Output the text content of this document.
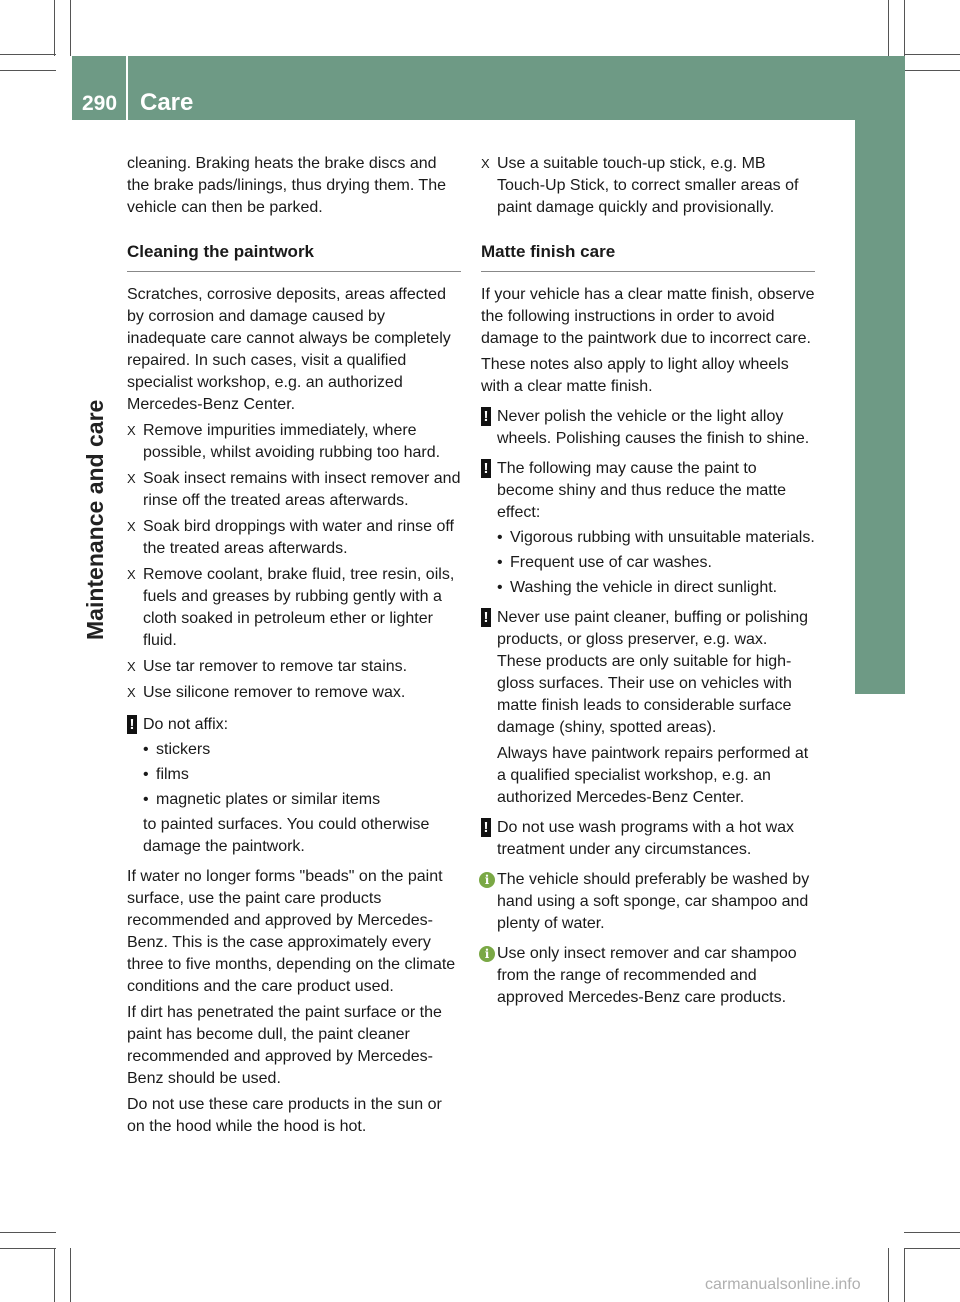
290 Care
Maintenance and care

cleaning. Braking heats the brake discs and the brake pads/linings, thus drying them. The vehicle can then be parked.

Cleaning the paintwork

Scratches, corrosive deposits, areas affected by corrosion and damage caused by inadequate care cannot always be completely repaired. In such cases, visit a qualified specialist workshop, e.g. an authorized Mercedes-Benz Center.

X Remove impurities immediately, where possible, whilst avoiding rubbing too hard.
X Soak insect remains with insect remover and rinse off the treated areas afterwards.
X Soak bird droppings with water and rinse off the treated areas afterwards.
X Remove coolant, brake fluid, tree resin, oils, fuels and greases by rubbing gently with a cloth soaked in petroleum ether or lighter fluid.
X Use tar remover to remove tar stains.
X Use silicone remover to remove wax.
! Do not affix:
• stickers
• films
• magnetic plates or similar items
to painted surfaces. You could otherwise damage the paintwork.

If water no longer forms "beads" on the paint surface, use the paint care products recommended and approved by Mercedes-Benz. This is the case approximately every three to five months, depending on the climate conditions and the care product used.

If dirt has penetrated the paint surface or the paint has become dull, the paint cleaner recommended and approved by Mercedes-Benz should be used.

Do not use these care products in the sun or on the hood while the hood is hot.

X Use a suitable touch-up stick, e.g. MB Touch-Up Stick, to correct smaller areas of paint damage quickly and provisionally.
Matte finish care

If your vehicle has a clear matte finish, observe the following instructions in order to avoid damage to the paintwork due to incorrect care.

These notes also apply to light alloy wheels with a clear matte finish.

! Never polish the vehicle or the light alloy wheels. Polishing causes the finish to shine.
! The following may cause the paint to become shiny and thus reduce the matte effect:
• Vigorous rubbing with unsuitable materials.
• Frequent use of car washes.
• Washing the vehicle in direct sunlight.
! Never use paint cleaner, buffing or polishing products, or gloss preserver, e.g. wax. These products are only suitable for high-gloss surfaces. Their use on vehicles with matte finish leads to considerable surface damage (shiny, spotted areas).
Always have paintwork repairs performed at a qualified specialist workshop, e.g. an authorized Mercedes-Benz Center.
! Do not use wash programs with a hot wax treatment under any circumstances.
i The vehicle should preferably be washed by hand using a soft sponge, car shampoo and plenty of water.
i Use only insect remover and car shampoo from the range of recommended and approved Mercedes-Benz care products.
carmanualsonline.info
